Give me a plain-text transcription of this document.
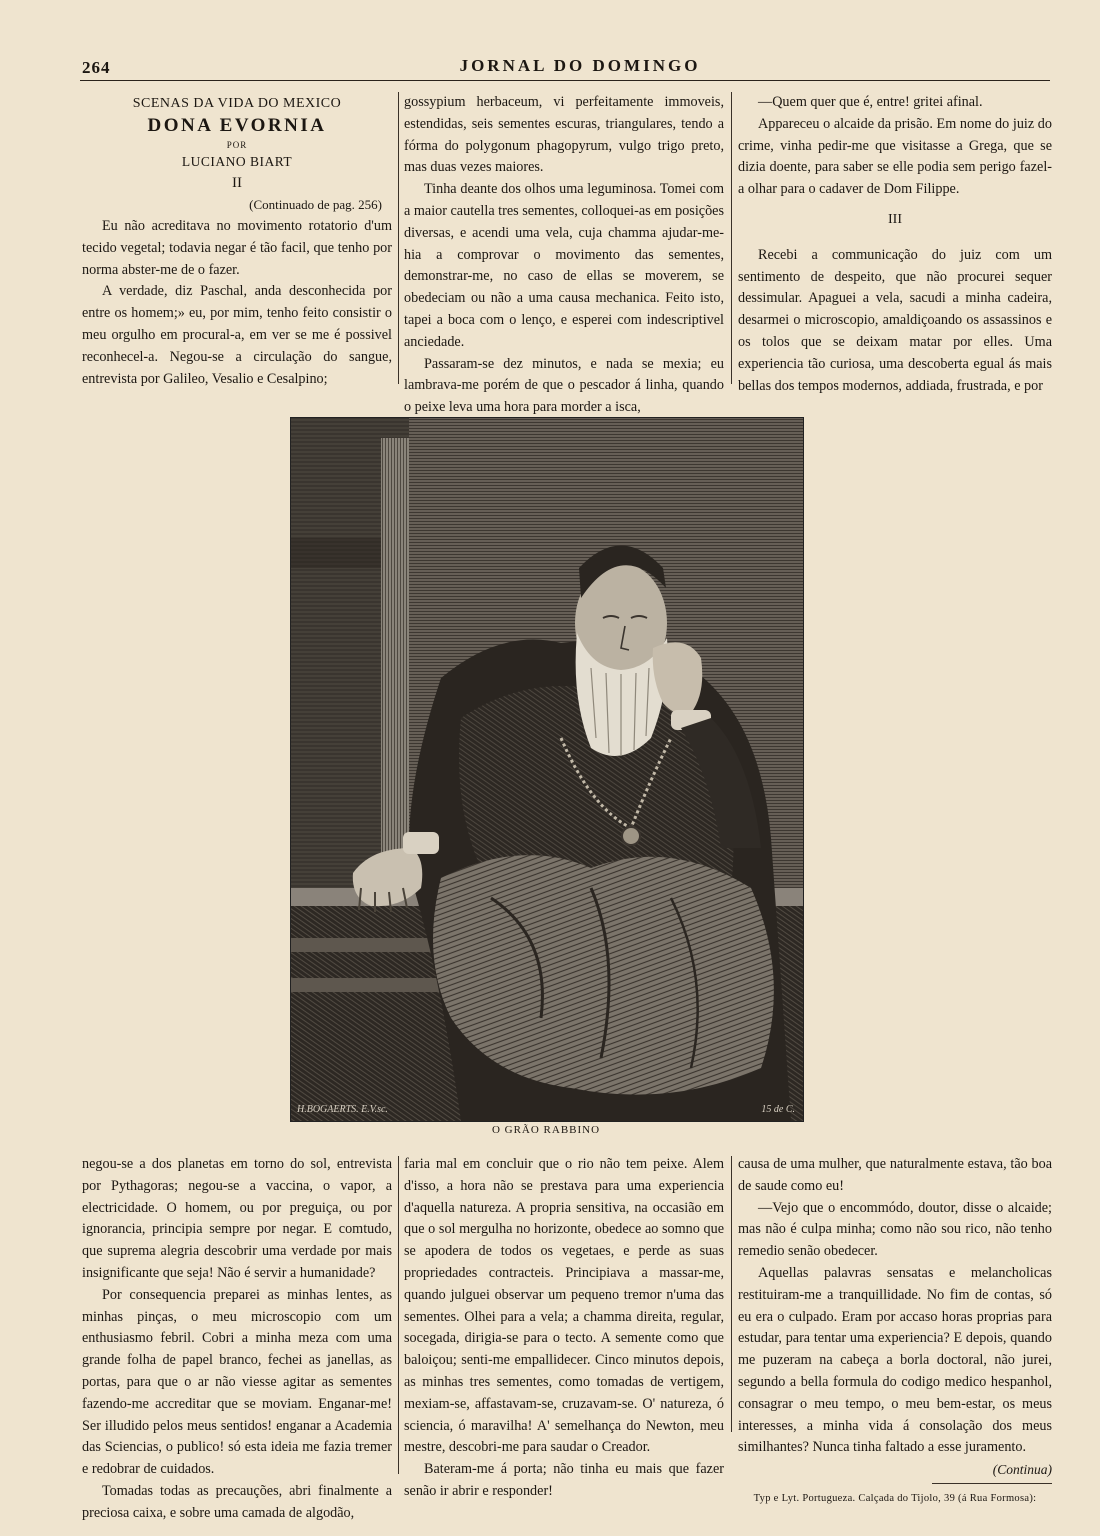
264	JORNAL DO DOMINGO
SCENAS DA VIDA DO MEXICO
DONA EVORNIA
POR
LUCIANO BIART
II
(Continuado de pag. 256)

Eu não acreditava no movimento rotatorio d'um tecido vegetal; todavia negar é tão facil, que tenho por norma abster-me de o fazer.

A verdade, diz Paschal, anda desconhecida por entre os homem;» eu, por mim, tenho feito consistir o meu orgulho em procural-a, em ver se me é possivel reconhecel-a. Negou-se a circulação do sangue, entrevista por Galileo, Vesalio e Cesalpino;

gossypium herbaceum, vi perfeitamente immoveis, estendidas, seis sementes escuras, triangulares, tendo a fórma do polygonum phagopyrum, vulgo trigo preto, mas duas vezes maiores.

Tinha deante dos olhos uma leguminosa. Tomei com a maior cautella tres sementes, colloquei-as em posições diversas, e acendi uma vela, cuja chamma ajudar-me-hia a comprovar o movimento das sementes, demonstrar-me, no caso de ellas se moverem, se obedeciam ou não a uma causa mechanica. Feito isto, tapei a boca com o lenço, e esperei com indescriptivel anciedade.

Passaram-se dez minutos, e nada se mexia; eu lambrava-me porém de que o pescador á linha, quando o peixe leva uma hora para morder a isca,

—Quem quer que é, entre! gritei afinal.

Appareceu o alcaide da prisão. Em nome do juiz do crime, vinha pedir-me que visitasse a Grega, que se dizia doente, para saber se elle podia sem perigo fazel-a olhar para o cadaver de Dom Filippe.

III

Recebi a communicação do juiz com um sentimento de despeito, que não procurei sequer dessimular. Apaguei a vela, sacudi a minha cadeira, desarmei o microscopio, amaldiçoando os assassinos e os tolos que se deixam matar por elles. Uma experiencia tão curiosa, uma descoberta egual ás mais bellas dos tempos modernos, addiada, frustrada, e por

H.BOGAERTS. E.V.sc.	15 de C.
O GRÃO RABBINO

negou-se a dos planetas em torno do sol, entrevista por Pythagoras; negou-se a vaccina, o vapor, a electricidade. O homem, ou por preguiça, ou por ignorancia, principia sempre por negar. E comtudo, que suprema alegria descobrir uma verdade por mais insignificante que seja! Não é servir a humanidade?

Por consequencia preparei as minhas lentes, as minhas pinças, o meu microscopio com um enthusiasmo febril. Cobri a minha meza com uma grande folha de papel branco, fechei as janellas, as portas, para que o ar não viesse agitar as sementes fazendo-me accreditar que se moviam. Enganar-me! Ser illudido pelos meus sentidos! enganar a Academia das Sciencias, o publico! só esta ideia me fazia tremer e redobrar de cuidados.

Tomadas todas as precauções, abri finalmente a preciosa caixa, e sobre uma camada de algodão,

faria mal em concluir que o rio não tem peixe. Alem d'isso, a hora não se prestava para uma experiencia d'aquella natureza. A propria sensitiva, na occasião em que o sol mergulha no horizonte, obedece ao somno que se apodera de todos os vegetaes, e perde as suas propriedades contracteis. Principiava a massar-me, quando julguei observar um pequeno tremor n'uma das sementes. Olhei para a vela; a chamma direita, regular, socegada, dirigia-se para o tecto. A semente como que baloiçou; senti-me empallidecer. Cinco minutos depois, as minhas tres sementes, como tomadas de vertigem, mexiam-se, affastavam-se, cruzavam-se. O' natureza, ó sciencia, ó maravilha! A' semelhança do Newton, meu mestre, descobri-me para saudar o Creador.

Bateram-me á porta; não tinha eu mais que fazer senão ir abrir e responder!

causa de uma mulher, que naturalmente estava, tão boa de saude como eu!

—Vejo que o encommódo, doutor, disse o alcaide; mas não é culpa minha; como não sou rico, não tenho remedio senão obedecer.

Aquellas palavras sensatas e melancholicas restituiram-me a tranquillidade. No fim de contas, só eu era o culpado. Eram por accaso horas proprias para estudar, para tentar uma experiencia? E depois, quando me puzeram na cabeça a borla doctoral, não jurei, segundo a bella formula do codigo medico hespanhol, consagrar o meu tempo, o meu bem-estar, os meus interesses, a minha vida á consolação dos meus similhantes? Nunca tinha faltado a esse juramento.

(Continua)
Typ e Lyt. Portugueza. Calçada do Tijolo, 39 (á Rua Formosa):
